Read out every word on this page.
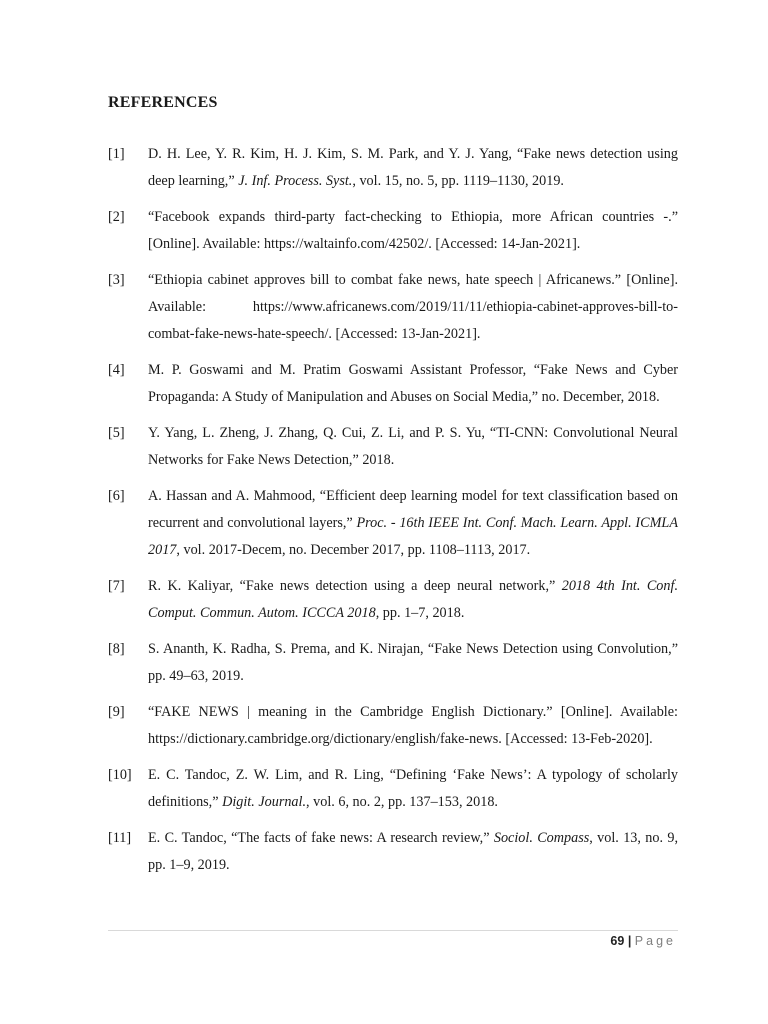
REFERENCES
[1]	D. H. Lee, Y. R. Kim, H. J. Kim, S. M. Park, and Y. J. Yang, “Fake news detection using deep learning,” J. Inf. Process. Syst., vol. 15, no. 5, pp. 1119–1130, 2019.
[2]	“Facebook expands third-party fact-checking to Ethiopia, more African countries -.” [Online]. Available: https://waltainfo.com/42502/. [Accessed: 14-Jan-2021].
[3]	“Ethiopia cabinet approves bill to combat fake news, hate speech | Africanews.” [Online]. Available: https://www.africanews.com/2019/11/11/ethiopia-cabinet-approves-bill-to-combat-fake-news-hate-speech/. [Accessed: 13-Jan-2021].
[4]	M. P. Goswami and M. Pratim Goswami Assistant Professor, “Fake News and Cyber Propaganda: A Study of Manipulation and Abuses on Social Media,” no. December, 2018.
[5]	Y. Yang, L. Zheng, J. Zhang, Q. Cui, Z. Li, and P. S. Yu, “TI-CNN: Convolutional Neural Networks for Fake News Detection,” 2018.
[6]	A. Hassan and A. Mahmood, “Efficient deep learning model for text classification based on recurrent and convolutional layers,” Proc. - 16th IEEE Int. Conf. Mach. Learn. Appl. ICMLA 2017, vol. 2017-Decem, no. December 2017, pp. 1108–1113, 2017.
[7]	R. K. Kaliyar, “Fake news detection using a deep neural network,” 2018 4th Int. Conf. Comput. Commun. Autom. ICCCA 2018, pp. 1–7, 2018.
[8]	S. Ananth, K. Radha, S. Prema, and K. Nirajan, “Fake News Detection using Convolution,” pp. 49–63, 2019.
[9]	“FAKE NEWS | meaning in the Cambridge English Dictionary.” [Online]. Available: https://dictionary.cambridge.org/dictionary/english/fake-news. [Accessed: 13-Feb-2020].
[10]	E. C. Tandoc, Z. W. Lim, and R. Ling, “Defining ‘Fake News’: A typology of scholarly definitions,” Digit. Journal., vol. 6, no. 2, pp. 137–153, 2018.
[11]	E. C. Tandoc, “The facts of fake news: A research review,” Sociol. Compass, vol. 13, no. 9, pp. 1–9, 2019.
69 | Page
